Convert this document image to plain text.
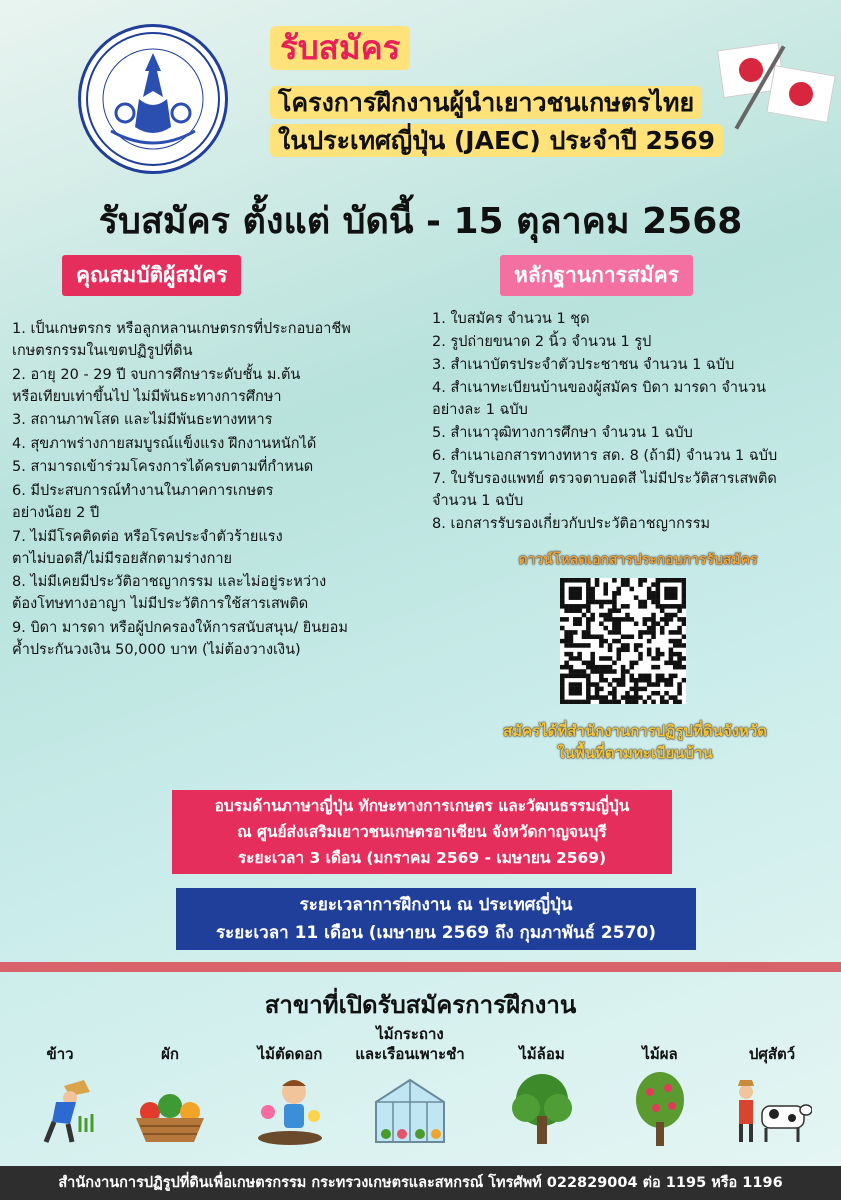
รับสมัคร
โครงการฝึกงานผู้นำเยาวชนเกษตรไทย
ในประเทศญี่ปุ่น (JAEC) ประจำปี 2569
รับสมัคร ตั้งแต่ บัดนี้ - 15 ตุลาคม 2568
คุณสมบัติผู้สมัคร
1. เป็นเกษตรกร หรือลูกหลานเกษตรกรที่ประกอบอาชีพ
เกษตรกรรมในเขตปฏิรูปที่ดิน
2. อายุ 20 - 29 ปี จบการศึกษาระดับชั้น ม.ต้น
หรือเทียบเท่าขึ้นไป ไม่มีพันธะทางการศึกษา
3. สถานภาพโสด และไม่มีพันธะทางทหาร
4. สุขภาพร่างกายสมบูรณ์แข็งแรง ฝึกงานหนักได้
5. สามารถเข้าร่วมโครงการได้ครบตามที่กำหนด
6. มีประสบการณ์ทำงานในภาคการเกษตร
อย่างน้อย 2 ปี
7. ไม่มีโรคติดต่อ หรือโรคประจำตัวร้ายแรง
ตาไม่บอดสี/ไม่มีรอยสักตามร่างกาย
8. ไม่มีเคยมีประวัติอาชญากรรม และไม่อยู่ระหว่าง
ต้องโทษทางอาญา ไม่มีประวัติการใช้สารเสพติด
9. บิดา มารดา หรือผู้ปกครองให้การสนับสนุน/ ยินยอม
ค้ำประกันวงเงิน 50,000 บาท (ไม่ต้องวางเงิน)
หลักฐานการสมัคร
1. ใบสมัคร จำนวน 1 ชุด
2. รูปถ่ายขนาด 2 นิ้ว จำนวน 1 รูป
3. สำเนาบัตรประจำตัวประชาชน จำนวน 1 ฉบับ
4. สำเนาทะเบียนบ้านของผู้สมัคร บิดา มารดา จำนวน
อย่างละ 1 ฉบับ
5. สำเนาวุฒิทางการศึกษา จำนวน 1 ฉบับ
6. สำเนาเอกสารทางทหาร สด. 8 (ถ้ามี) จำนวน 1 ฉบับ
7. ใบรับรองแพทย์ ตรวจตาบอดสี ไม่มีประวัติสารเสพติด
จำนวน 1 ฉบับ
8. เอกสารรับรองเกี่ยวกับประวัติอาชญากรรม
ดาวน์โหลดเอกสารประกอบการรับสมัคร
สมัครได้ที่สำนักงานการปฏิรูปที่ดินจังหวัด
ในพื้นที่ตามทะเบียนบ้าน
อบรมด้านภาษาญี่ปุ่น ทักษะทางการเกษตร และวัฒนธรรมญี่ปุ่น
ณ ศูนย์ส่งเสริมเยาวชนเกษตรอาเซียน จังหวัดกาญจนบุรี
ระยะเวลา 3 เดือน (มกราคม 2569 - เมษายน 2569)
ระยะเวลาการฝึกงาน ณ ประเทศญี่ปุ่น
ระยะเวลา 11 เดือน (เมษายน 2569 ถึง กุมภาพันธ์ 2570)
สาขาที่เปิดรับสมัครการฝึกงาน
ข้าว	ผัก	ไม้ตัดดอก
ไม้กระถาง
และเรือนเพาะชำ	ไม้ล้อม	ไม้ผล	ปศุสัตว์
สำนักงานการปฏิรูปที่ดินเพื่อเกษตรกรรม กระทรวงเกษตรและสหกรณ์ โทรศัพท์ 022829004 ต่อ 1195 หรือ 1196
